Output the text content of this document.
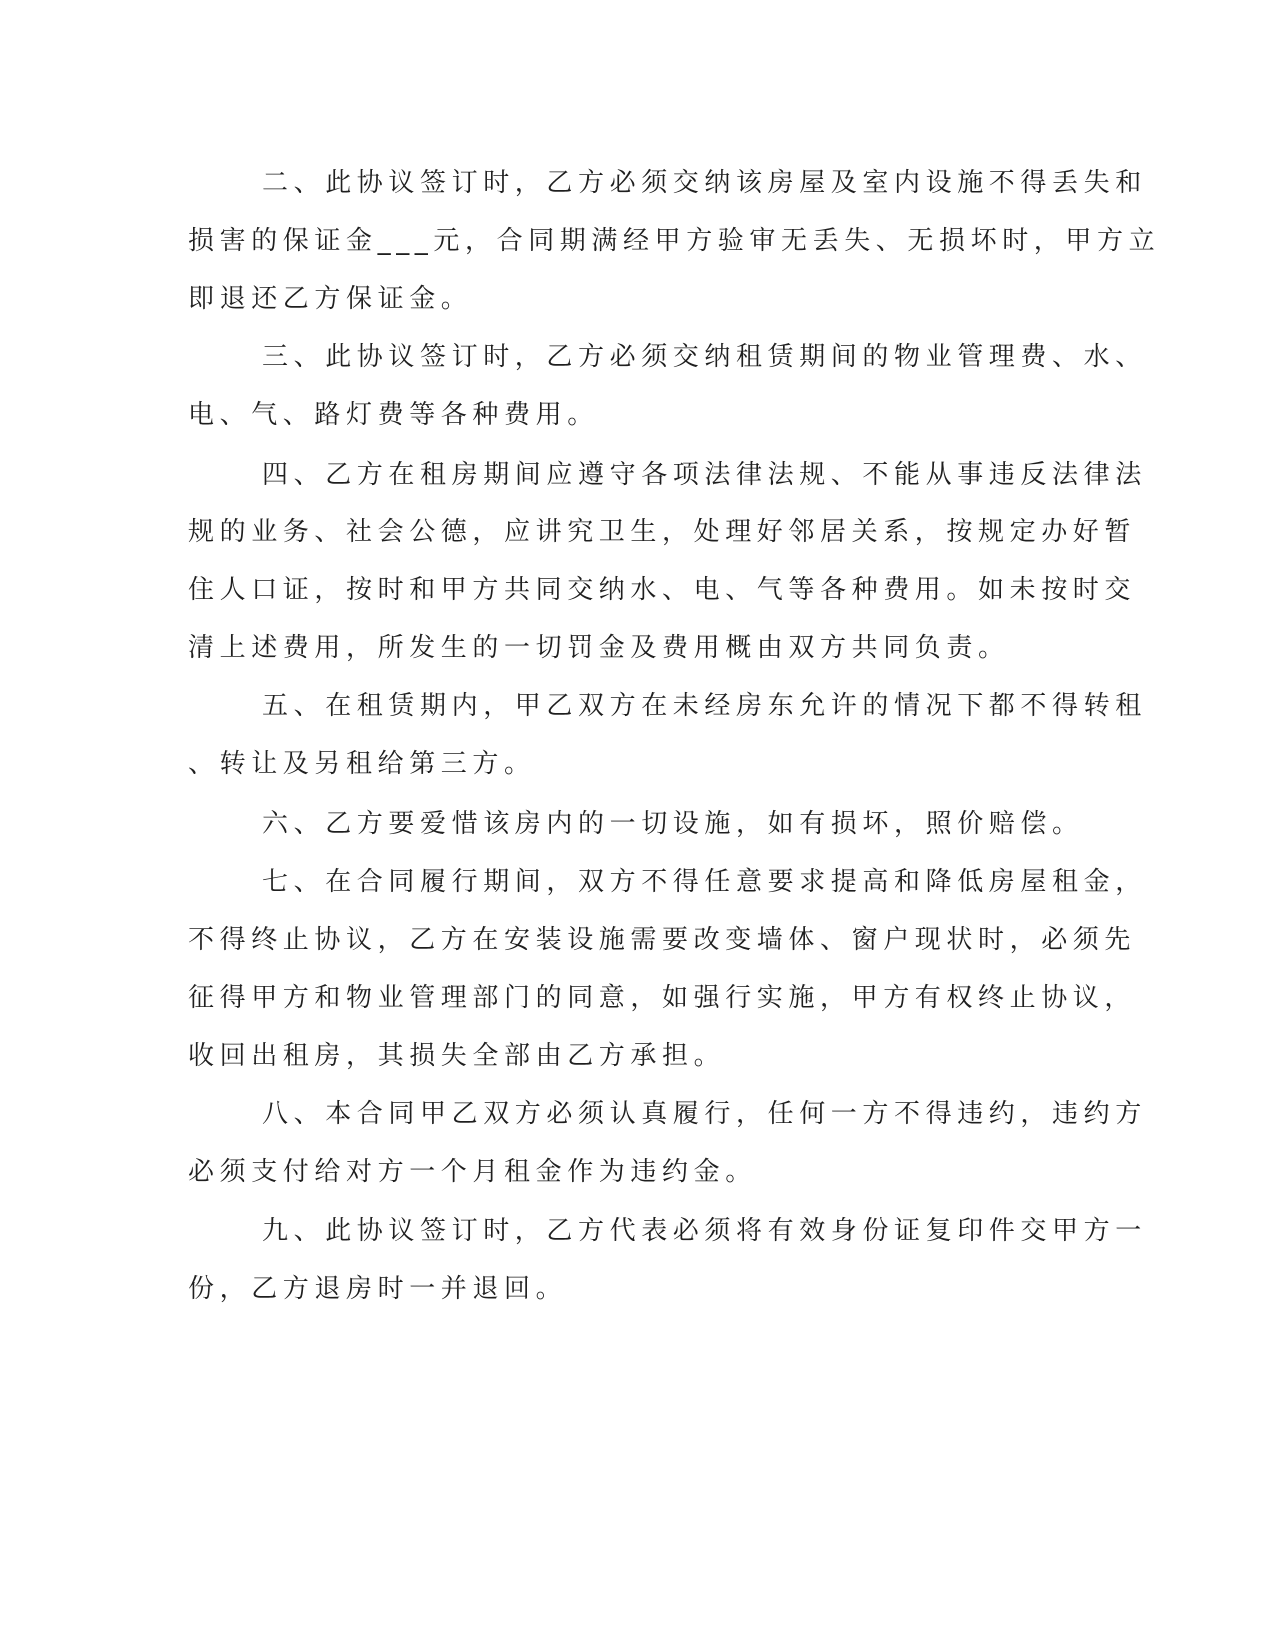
二、此协议签订时，乙方必须交纳该房屋及室内设施不得丢失和
损害的保证金___元，合同期满经甲方验审无丢失、无损坏时，甲方立
即退还乙方保证金。
三、此协议签订时，乙方必须交纳租赁期间的物业管理费、水、
电、气、路灯费等各种费用。
四、乙方在租房期间应遵守各项法律法规、不能从事违反法律法
规的业务、社会公德，应讲究卫生，处理好邻居关系，按规定办好暂
住人口证，按时和甲方共同交纳水、电、气等各种费用。如未按时交
清上述费用，所发生的一切罚金及费用概由双方共同负责。
五、在租赁期内，甲乙双方在未经房东允许的情况下都不得转租
、转让及另租给第三方。
六、乙方要爱惜该房内的一切设施，如有损坏，照价赔偿。
七、在合同履行期间，双方不得任意要求提高和降低房屋租金，
不得终止协议，乙方在安装设施需要改变墙体、窗户现状时，必须先
征得甲方和物业管理部门的同意，如强行实施，甲方有权终止协议，
收回出租房，其损失全部由乙方承担。
八、本合同甲乙双方必须认真履行，任何一方不得违约，违约方
必须支付给对方一个月租金作为违约金。
九、此协议签订时，乙方代表必须将有效身份证复印件交甲方一
份，乙方退房时一并退回。
